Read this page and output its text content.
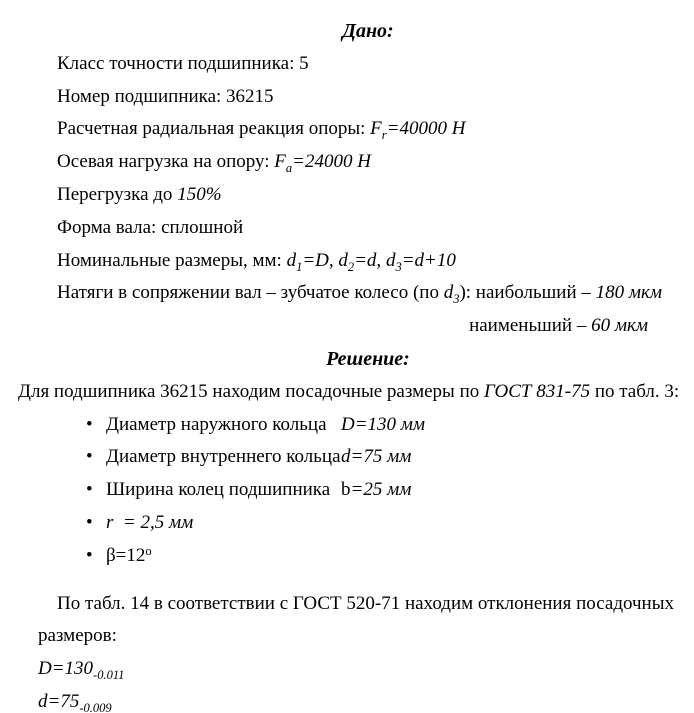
Дано:
Класс точности подшипника: 5
Номер подшипника: 36215
Расчетная радиальная реакция опоры: $F_r=40000$ Н
Осевая нагрузка на опору: $F_a=24000$ Н
Перегрузка до 150%
Форма вала: сплошной
Номинальные размеры, мм: $d_1=D$, $d_2=d$, $d_3=d+10$
Натяги в сопряжении вал – зубчатое колесо (по $d_3$): наибольший – 180 мкм
наименьший – 60 мкм
Решение:
Для подшипника 36215 находим посадочные размеры по ГОСТ 831-75 по табл. 3:
• Диаметр наружного кольца D=130 мм
• Диаметр внутреннего кольцаd=75 мм
• Ширина колец подшипника b=25 мм
• r  = 2,5 мм
• $\beta=12^о$
По табл. 14 в соответствии с ГОСТ 520-71 находим отклонения посадочных
размеров:
$D=130_{-0.011}$
$d=75_{-0.009}$
